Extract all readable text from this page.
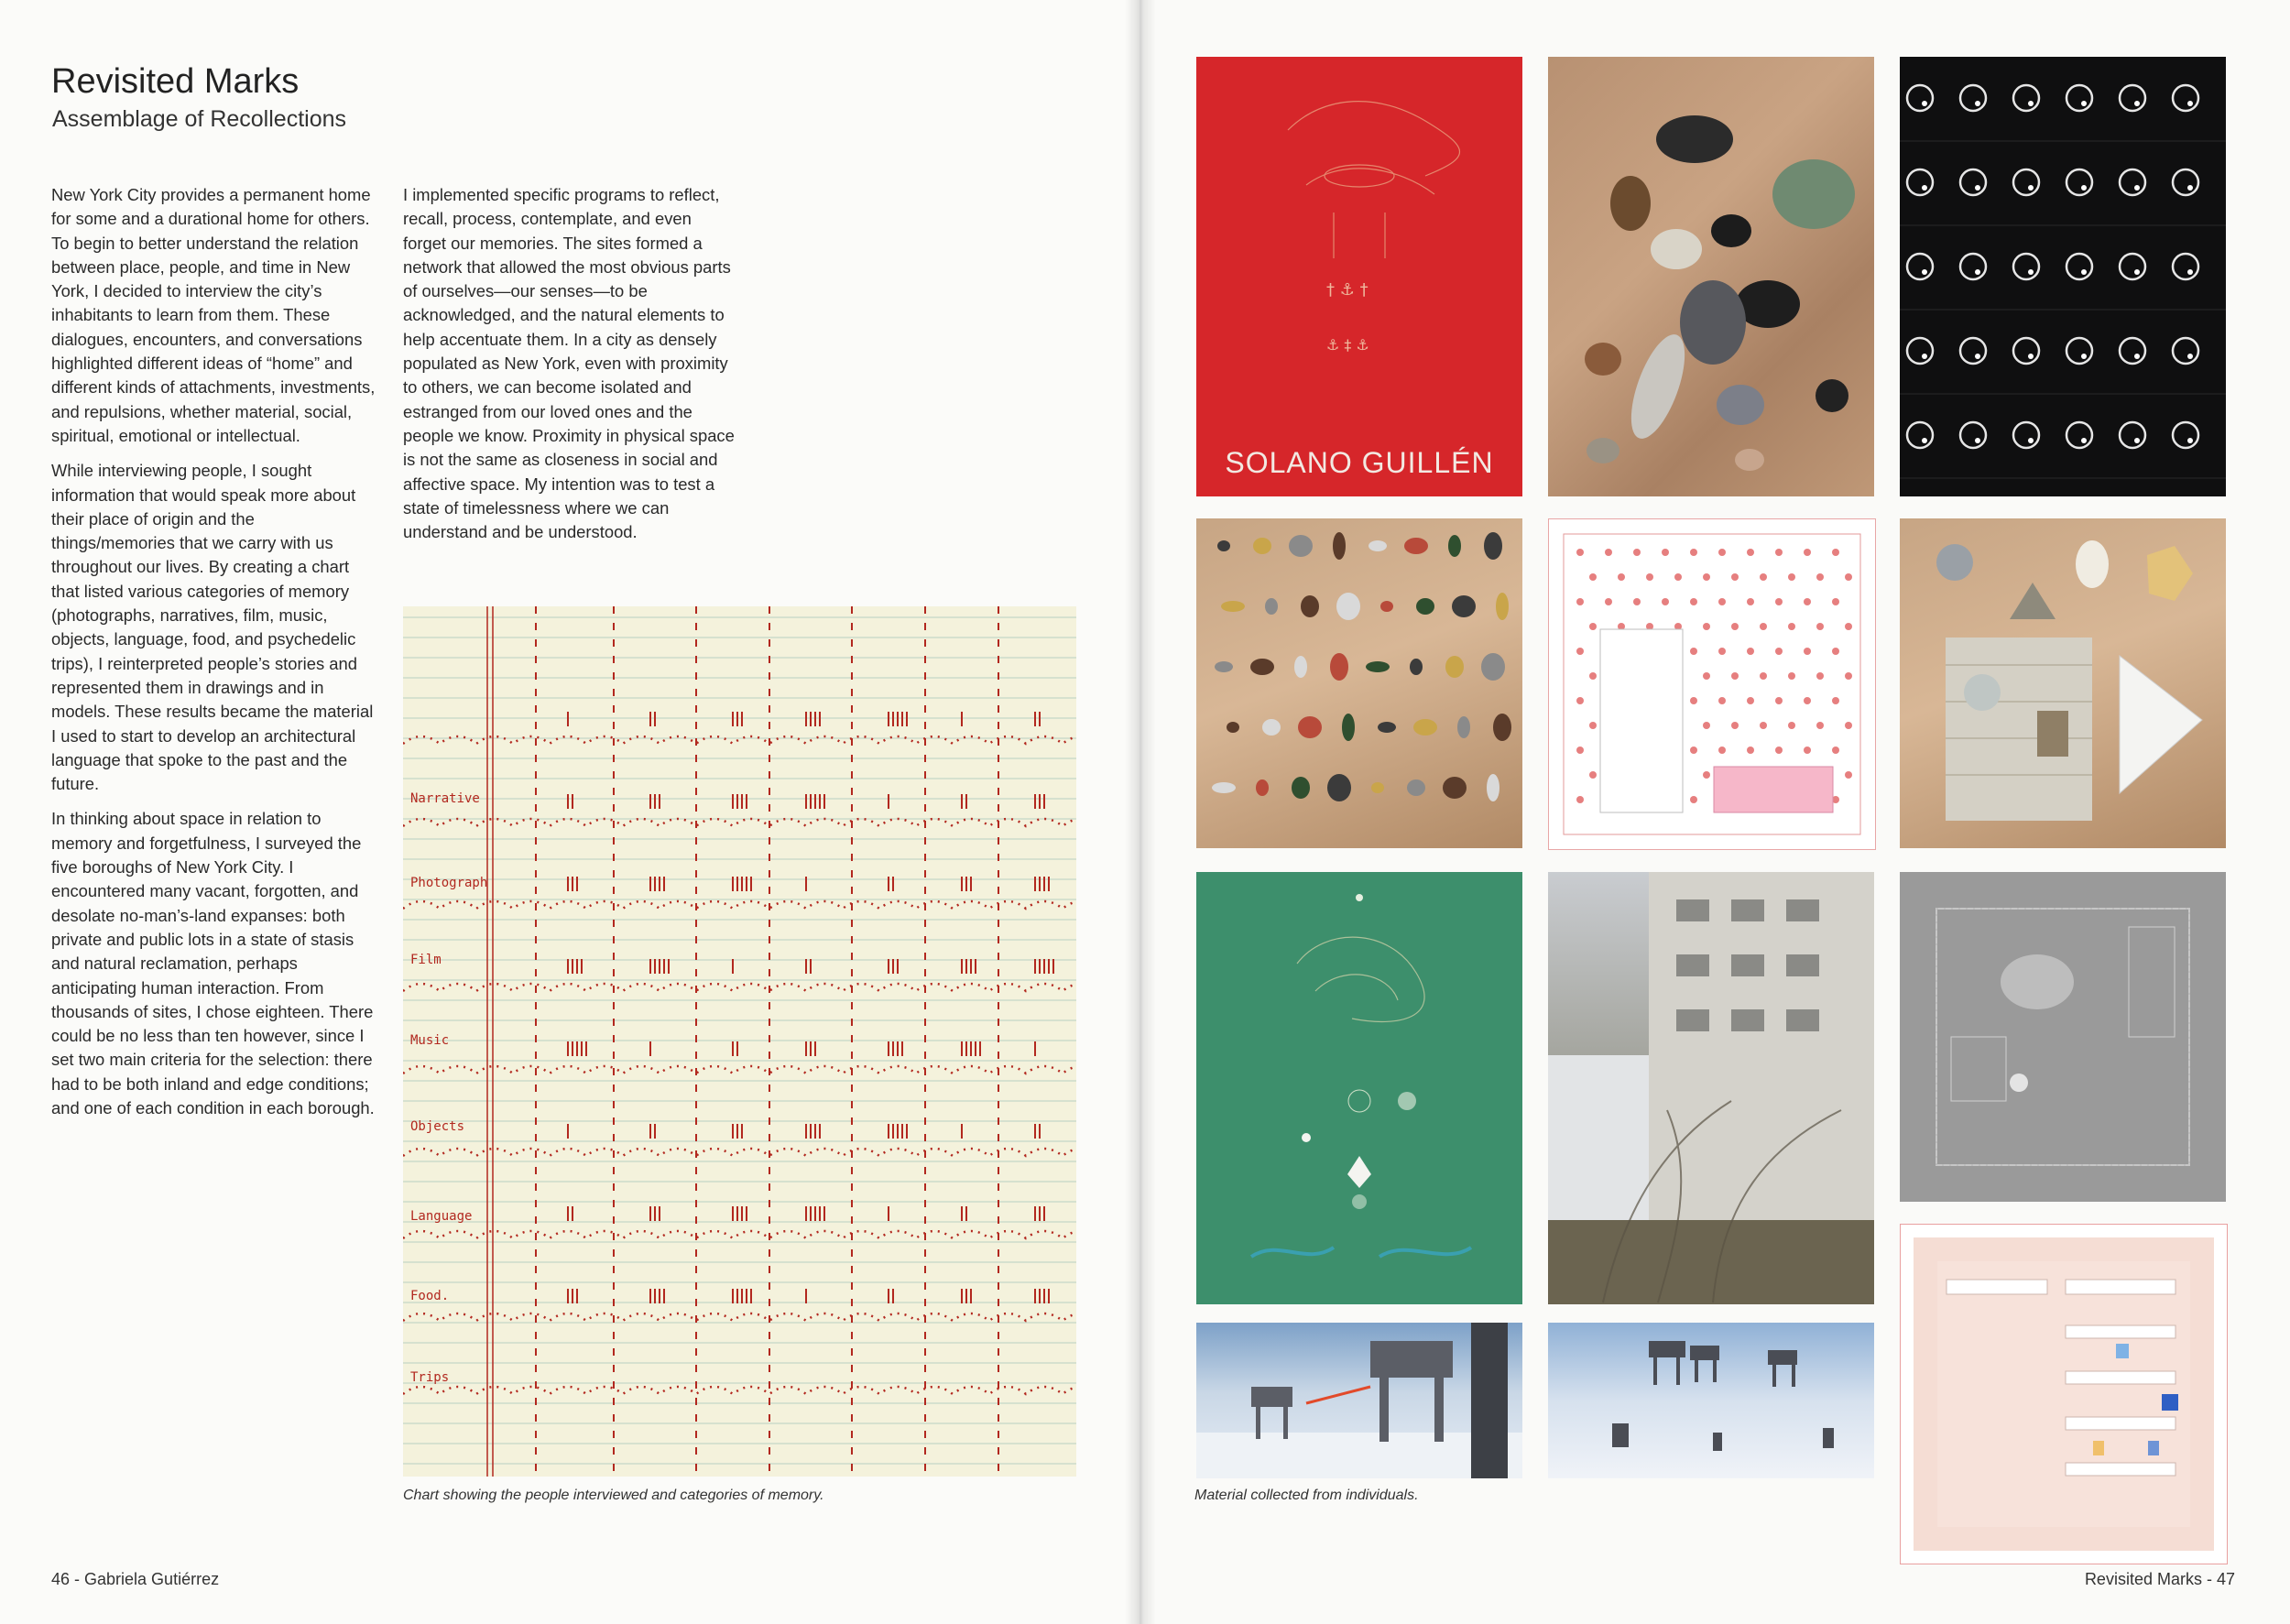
Revisited Marks
Assemblage of Recollections

New York City provides a permanent home for some and a durational home for others. To begin to better understand the relation between place, people, and time in New York, I decided to interview the city’s inhabitants to learn from them. These dialogues, encounters, and conversations highlighted different ideas of “home” and different kinds of attachments, investments, and repulsions, whether material, social, spiritual, emotional or intellectual.

While interviewing people, I sought information that would speak more about their place of origin and the things/memories that we carry with us throughout our lives. By creating a chart that listed various categories of memory (photographs, narratives, film, music, objects, language, food, and psychedelic trips), I reinterpreted people’s stories and represented them in drawings and in models. These results became the material I used to start to develop an architectural language that spoke to the past and the future.

In thinking about space in relation to memory and forgetfulness, I surveyed the five boroughs of New York City. I encountered many vacant, forgotten, and desolate no-man’s-land expanses: both private and public lots in a state of stasis and natural reclamation, perhaps anticipating human interaction. From thousands of sites, I chose eighteen. There could be no less than ten however, since I set two main criteria for the selection: there had to be both inland and edge conditions; and one of each condition in each borough.

I implemented specific programs to reflect, recall, process, contemplate, and even forget our memories. The sites formed a network that allowed the most obvious parts of ourselves—our senses—to be acknowledged, and the natural elements to help accentuate them. In a city as densely populated as New York, even with proximity to others, we can become isolated and estranged from our loved ones and the people we know. Proximity in physical space is not the same as closeness in social and affective space. My intention was to test a state of timelessness where we can understand and be understood.

Narrative
Photograph
Film
Music
Objects
Language
Food.
Trips
Chart showing the people interviewed and categories of memory.
46 - Gabriela Gutiérrez
† ⚓ †
⚓ ‡ ⚓
SOLANO GUILLÉN
Material collected from individuals.
Revisited Marks - 47
